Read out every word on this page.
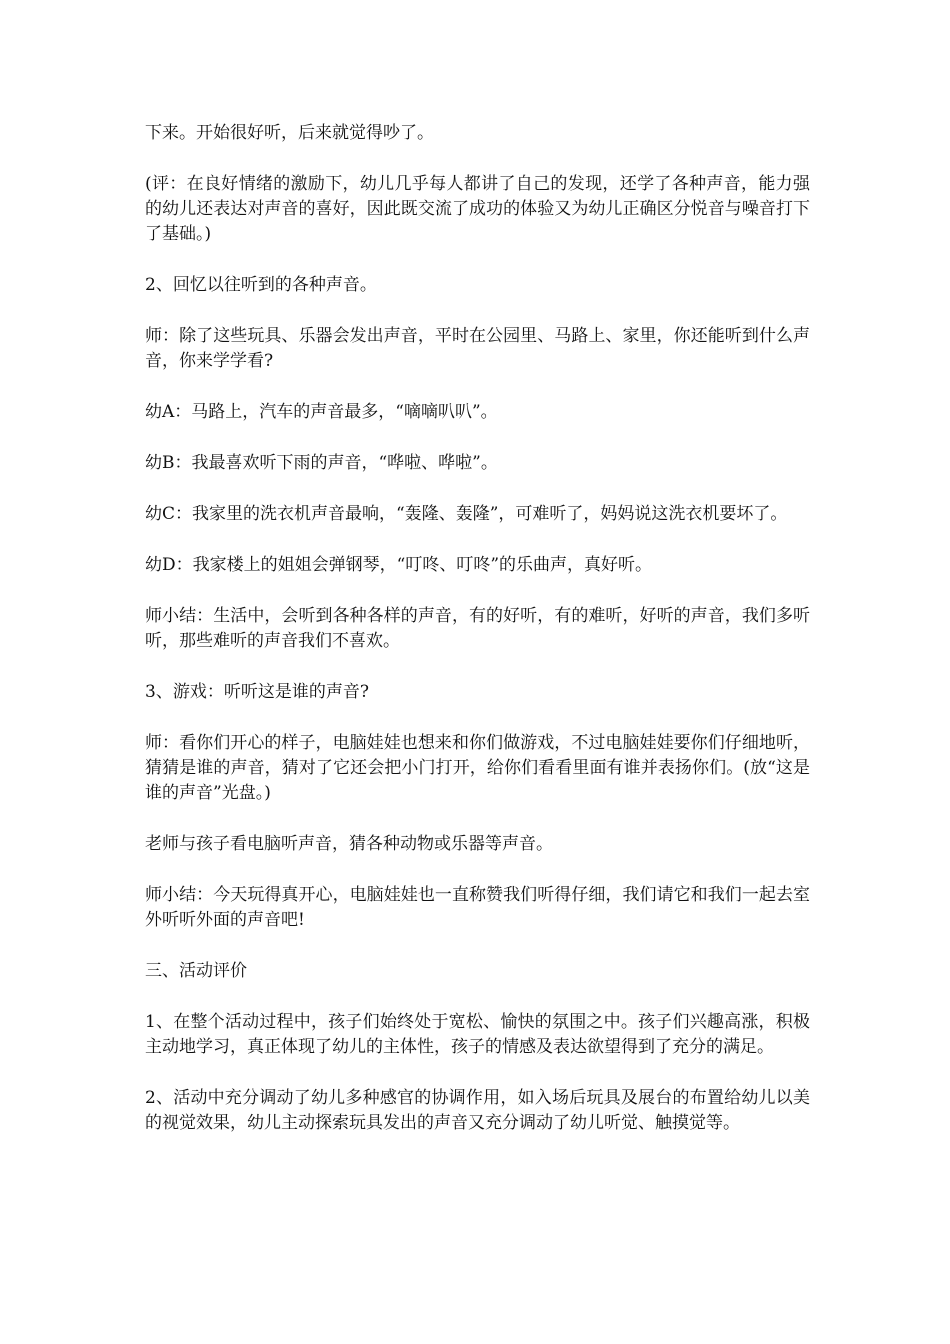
下来。开始很好听，后来就觉得吵了。

(评：在良好情绪的激励下，幼儿几乎每人都讲了自己的发现，还学了各种声音，能力强的幼儿还表达对声音的喜好，因此既交流了成功的体验又为幼儿正确区分悦音与噪音打下了基础。)

2、回忆以往听到的各种声音。

师：除了这些玩具、乐器会发出声音，平时在公园里、马路上、家里，你还能听到什么声音，你来学学看?

幼A：马路上，汽车的声音最多，“嘀嘀叭叭”。

幼B：我最喜欢听下雨的声音，“哗啦、哗啦”。

幼C：我家里的洗衣机声音最响，“轰隆、轰隆”，可难听了，妈妈说这洗衣机要坏了。

幼D：我家楼上的姐姐会弹钢琴，“叮咚、叮咚”的乐曲声，真好听。

师小结：生活中，会听到各种各样的声音，有的好听，有的难听，好听的声音，我们多听听，那些难听的声音我们不喜欢。

3、游戏：听听这是谁的声音?

师：看你们开心的样子，电脑娃娃也想来和你们做游戏，不过电脑娃娃要你们仔细地听，猜猜是谁的声音，猜对了它还会把小门打开，给你们看看里面有谁并表扬你们。(放“这是谁的声音”光盘。)

老师与孩子看电脑听声音，猜各种动物或乐器等声音。

师小结：今天玩得真开心，电脑娃娃也一直称赞我们听得仔细，我们请它和我们一起去室外听听外面的声音吧!

三、活动评价

1、在整个活动过程中，孩子们始终处于宽松、愉快的氛围之中。孩子们兴趣高涨，积极主动地学习，真正体现了幼儿的主体性，孩子的情感及表达欲望得到了充分的满足。

2、活动中充分调动了幼儿多种感官的协调作用，如入场后玩具及展台的布置给幼儿以美的视觉效果，幼儿主动探索玩具发出的声音又充分调动了幼儿听觉、触摸觉等。
